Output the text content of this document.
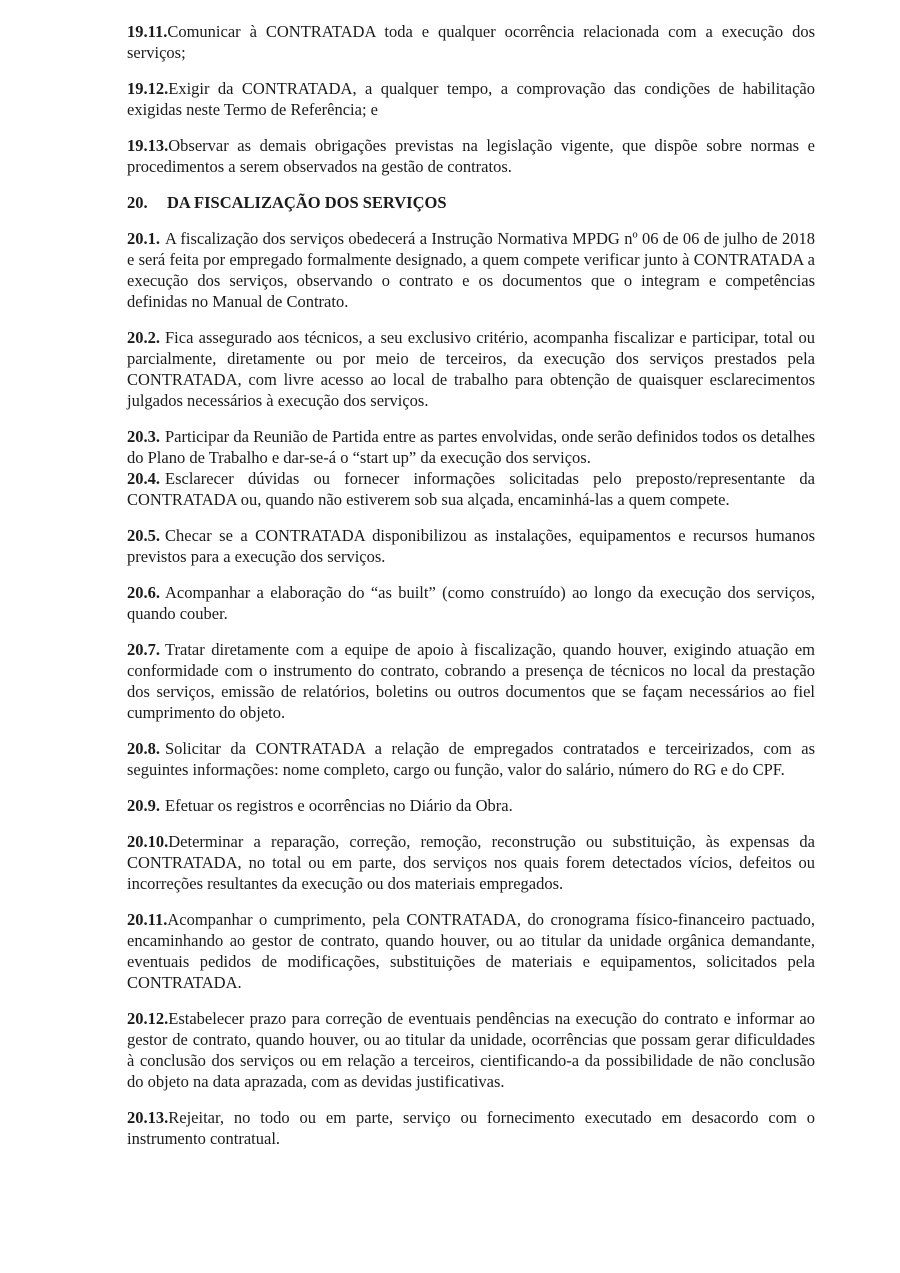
19.11.Comunicar à CONTRATADA toda e qualquer ocorrência relacionada com a execução dos serviços;

19.12.Exigir da CONTRATADA, a qualquer tempo, a comprovação das condições de habilitação exigidas neste Termo de Referência; e

19.13.Observar as demais obrigações previstas na legislação vigente, que dispõe sobre normas e procedimentos a serem observados na gestão de contratos.

20. DA FISCALIZAÇÃO DOS SERVIÇOS

20.1. A fiscalização dos serviços obedecerá a Instrução Normativa MPDG nº 06 de 06 de julho de 2018 e será feita por empregado formalmente designado, a quem compete verificar junto à CONTRATADA a execução dos serviços, observando o contrato e os documentos que o integram e competências definidas no Manual de Contrato.

20.2. Fica assegurado aos técnicos, a seu exclusivo critério, acompanha fiscalizar e participar, total ou parcialmente, diretamente ou por meio de terceiros, da execução dos serviços prestados pela CONTRATADA, com livre acesso ao local de trabalho para obtenção de quaisquer esclarecimentos julgados necessários à execução dos serviços.

20.3. Participar da Reunião de Partida entre as partes envolvidas, onde serão definidos todos os detalhes do Plano de Trabalho e dar-se-á o “start up” da execução dos serviços.

20.4. Esclarecer dúvidas ou fornecer informações solicitadas pelo preposto/representante da CONTRATADA ou, quando não estiverem sob sua alçada, encaminhá-las a quem compete.

20.5. Checar se a CONTRATADA disponibilizou as instalações, equipamentos e recursos humanos previstos para a execução dos serviços.

20.6. Acompanhar a elaboração do “as built” (como construído) ao longo da execução dos serviços, quando couber.

20.7. Tratar diretamente com a equipe de apoio à fiscalização, quando houver, exigindo atuação em conformidade com o instrumento do contrato, cobrando a presença de técnicos no local da prestação dos serviços, emissão de relatórios, boletins ou outros documentos que se façam necessários ao fiel cumprimento do objeto.

20.8. Solicitar da CONTRATADA a relação de empregados contratados e terceirizados, com as seguintes informações: nome completo, cargo ou função, valor do salário, número do RG e do CPF.

20.9. Efetuar os registros e ocorrências no Diário da Obra.

20.10.Determinar a reparação, correção, remoção, reconstrução ou substituição, às expensas da CONTRATADA, no total ou em parte, dos serviços nos quais forem detectados vícios, defeitos ou incorreções resultantes da execução ou dos materiais empregados.

20.11.Acompanhar o cumprimento, pela CONTRATADA, do cronograma físico-financeiro pactuado, encaminhando ao gestor de contrato, quando houver, ou ao titular da unidade orgânica demandante, eventuais pedidos de modificações, substituições de materiais e equipamentos, solicitados pela CONTRATADA.

20.12.Estabelecer prazo para correção de eventuais pendências na execução do contrato e informar ao gestor de contrato, quando houver, ou ao titular da unidade, ocorrências que possam gerar dificuldades à conclusão dos serviços ou em relação a terceiros, cientificando-a da possibilidade de não conclusão do objeto na data aprazada, com as devidas justificativas.

20.13.Rejeitar, no todo ou em parte, serviço ou fornecimento executado em desacordo com o instrumento contratual.
